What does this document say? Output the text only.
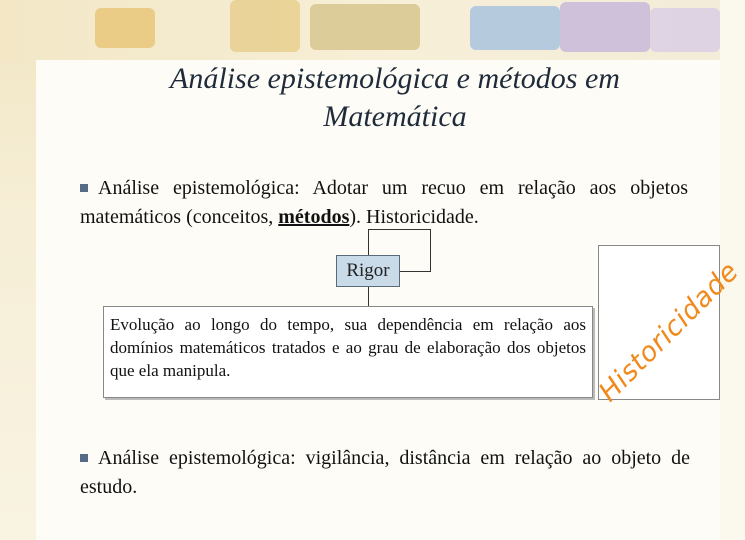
Análise epistemológica e métodos em
Matemática
Análise epistemológica: Adotar um recuo em relação aos objetos matemáticos (conceitos, métodos). Historicidade.
Rigor
Evolução ao longo do tempo, sua dependência em relação aos domínios matemáticos tratados e ao grau de elaboração dos objetos que ela manipula.	Historicidade
Análise epistemológica: vigilância, distância em relação ao objeto de estudo.
